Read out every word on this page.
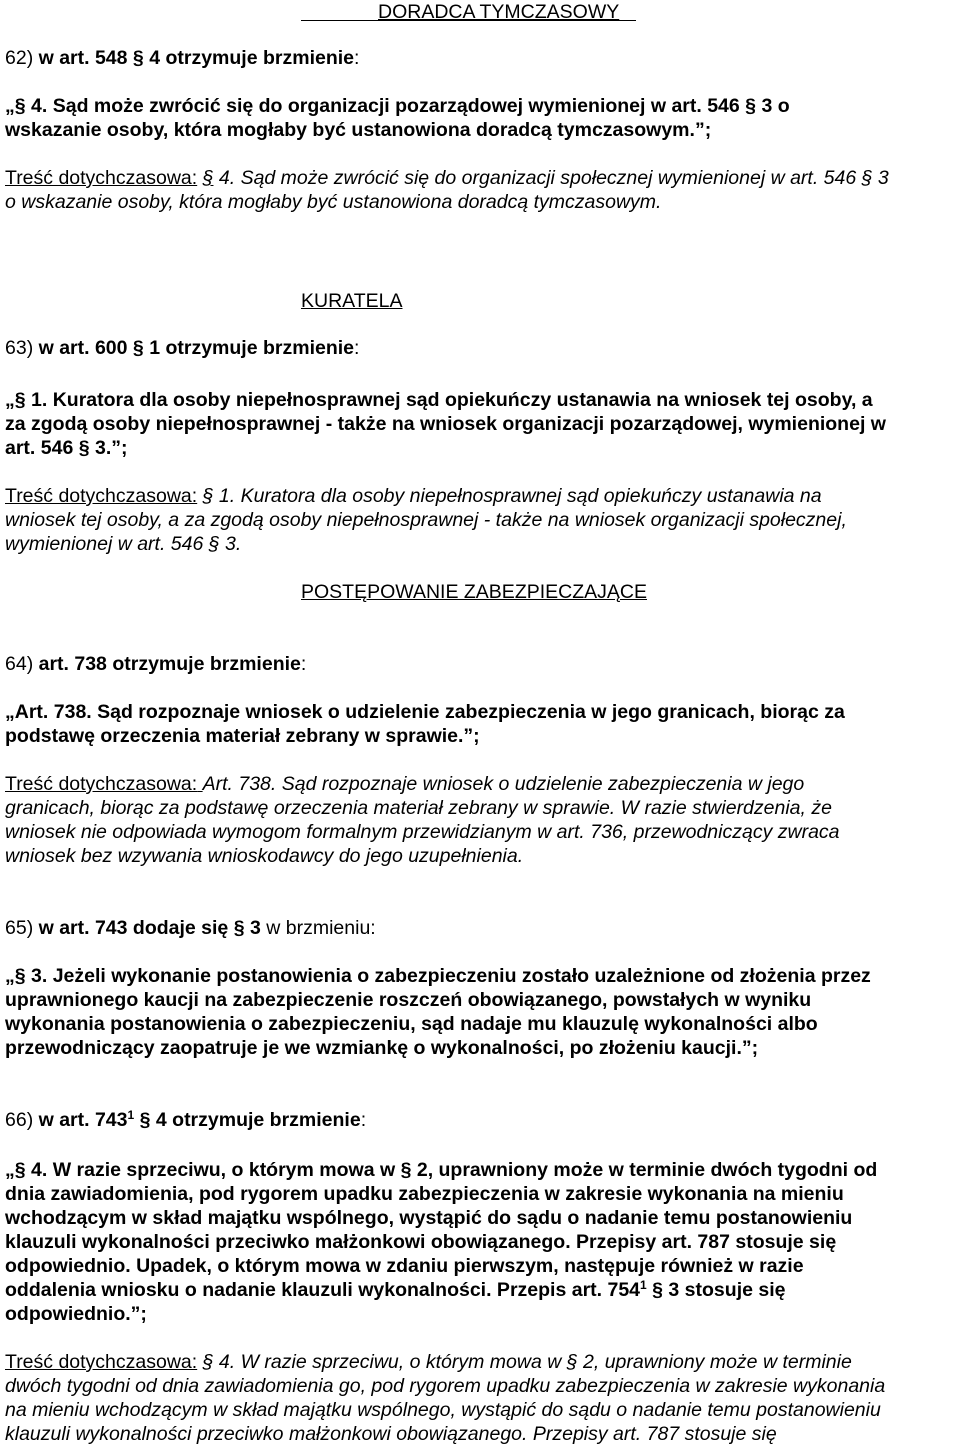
DORADCA TYMCZASOWY

62) w art. 548 § 4 otrzymuje brzmienie:

„§ 4. Sąd może zwrócić się do organizacji pozarządowej wymienionej w art. 546 § 3 o

wskazanie osoby, która mogłaby być ustanowiona doradcą tymczasowym.”;

Treść dotychczasowa: § 4. Sąd może zwrócić się do organizacji społecznej wymienionej w art. 546 § 3

o wskazanie osoby, która mogłaby być ustanowiona doradcą tymczasowym.

KURATELA

63) w art. 600 § 1 otrzymuje brzmienie:

„§ 1. Kuratora dla osoby niepełnosprawnej sąd opiekuńczy ustanawia na wniosek tej osoby, a

za zgodą osoby niepełnosprawnej - także na wniosek organizacji pozarządowej, wymienionej w

art. 546 § 3.”;

Treść dotychczasowa: § 1. Kuratora dla osoby niepełnosprawnej sąd opiekuńczy ustanawia na

wniosek tej osoby, a za zgodą osoby niepełnosprawnej - także na wniosek organizacji społecznej,

wymienionej w art. 546 § 3.

POSTĘPOWANIE ZABEZPIECZAJĄCE

64) art. 738 otrzymuje brzmienie:

„Art. 738. Sąd rozpoznaje wniosek o udzielenie zabezpieczenia w jego granicach, biorąc za

podstawę orzeczenia materiał zebrany w sprawie.”;

Treść dotychczasowa: Art. 738. Sąd rozpoznaje wniosek o udzielenie zabezpieczenia w jego

granicach, biorąc za podstawę orzeczenia materiał zebrany w sprawie. W razie stwierdzenia, że

wniosek nie odpowiada wymogom formalnym przewidzianym w art. 736, przewodniczący zwraca

wniosek bez wzywania wnioskodawcy do jego uzupełnienia.

65) w art. 743 dodaje się § 3 w brzmieniu:

„§ 3. Jeżeli wykonanie postanowienia o zabezpieczeniu zostało uzależnione od złożenia przez

uprawnionego kaucji na zabezpieczenie roszczeń obowiązanego, powstałych w wyniku

wykonania postanowienia o zabezpieczeniu, sąd nadaje mu klauzulę wykonalności albo

przewodniczący zaopatruje je we wzmiankę o wykonalności, po złożeniu kaucji.”;

66) w art. $743^1$ § 4 otrzymuje brzmienie:

„§ 4. W razie sprzeciwu, o którym mowa w § 2, uprawniony może w terminie dwóch tygodni od

dnia zawiadomienia, pod rygorem upadku zabezpieczenia w zakresie wykonania na mieniu

wchodzącym w skład majątku wspólnego, wystąpić do sądu o nadanie temu postanowieniu

klauzuli wykonalności przeciwko małżonkowi obowiązanego. Przepisy art. 787 stosuje się

odpowiednio. Upadek, o którym mowa w zdaniu pierwszym, następuje również w razie

oddalenia wniosku o nadanie klauzuli wykonalności. Przepis art. $754^1$ § 3 stosuje się

odpowiednio.”;

Treść dotychczasowa: § 4. W razie sprzeciwu, o którym mowa w § 2, uprawniony może w terminie

dwóch tygodni od dnia zawiadomienia go, pod rygorem upadku zabezpieczenia w zakresie wykonania

na mieniu wchodzącym w skład majątku wspólnego, wystąpić do sądu o nadanie temu postanowieniu

klauzuli wykonalności przeciwko małżonkowi obowiązanego. Przepisy art. 787 stosuje się
